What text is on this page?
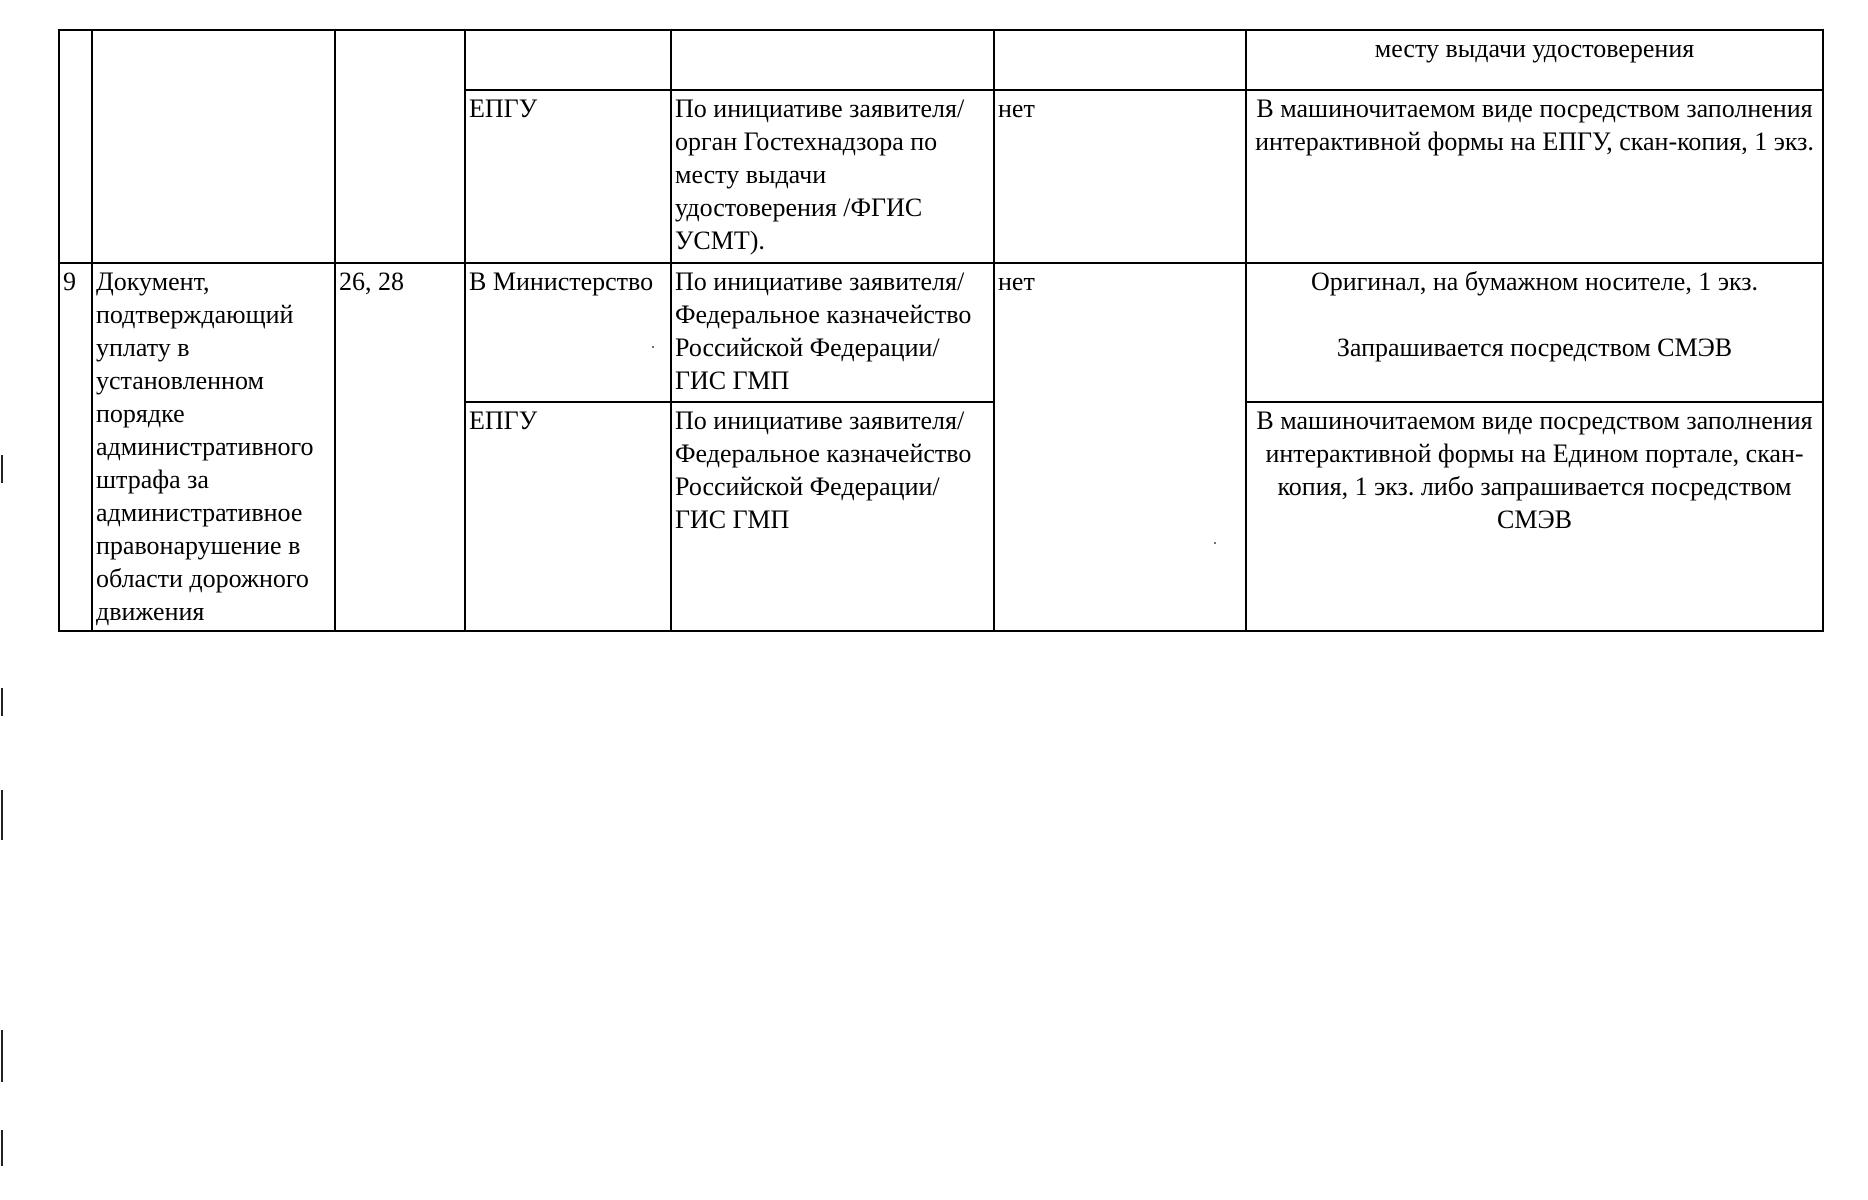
						месту выдачи удостоверения
			ЕПГУ	По инициативе заявителя/ орган Гостехнадзора по месту выдачи удостоверения /ФГИС УСМТ).	нет	В машиночитаемом виде посредством заполнения интерактивной формы на ЕПГУ, скан-копия, 1 экз.
9	Документ, подтверждающий уплату в установленном порядке административного штрафа за административное правонарушение в области дорожного движения	26, 28	В Министерство	По инициативе заявителя/ Федеральное казначейство Российской Федерации/ГИС ГМП	нет	Оригинал, на бумажном носителе, 1 экз.
Запрашивается посредством СМЭВ
			ЕПГУ	По инициативе заявителя/ Федеральное казначейство Российской Федерации/ГИС ГМП		В машиночитаемом виде посредством заполнения интерактивной формы на Едином портале, скан-копия, 1 экз. либо запрашивается посредством СМЭВ
